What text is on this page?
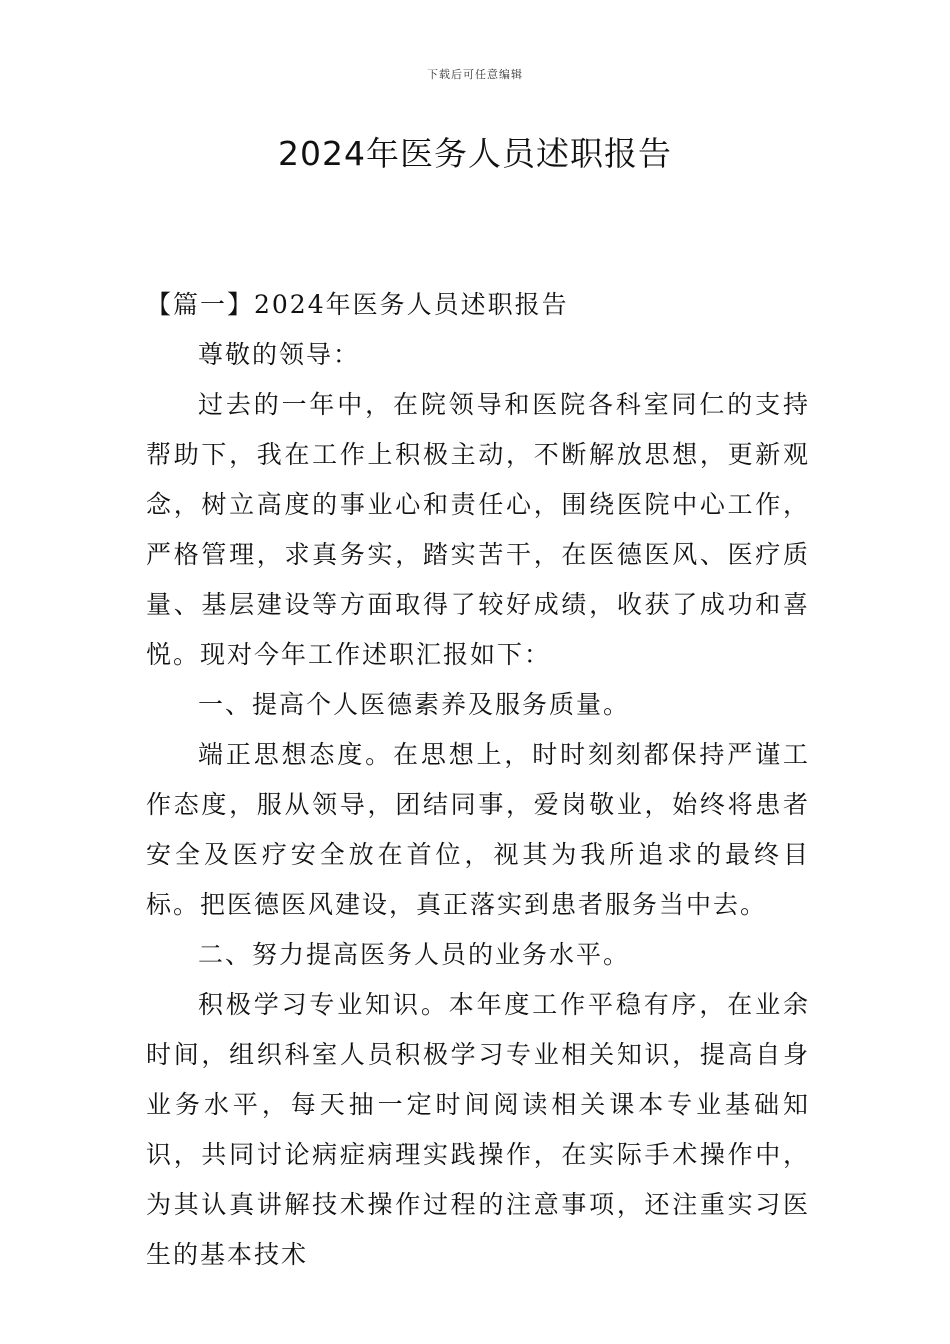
下载后可任意编辑
2024年医务人员述职报告

【篇一】2024年医务人员述职报告

尊敬的领导：

过去的一年中，在院领导和医院各科室同仁的支持帮助下，我在工作上积极主动，不断解放思想，更新观念，树立高度的事业心和责任心，围绕医院中心工作，严格管理，求真务实，踏实苦干，在医德医风、医疗质量、基层建设等方面取得了较好成绩，收获了成功和喜悦。现对今年工作述职汇报如下：

一、提高个人医德素养及服务质量。

端正思想态度。在思想上，时时刻刻都保持严谨工作态度，服从领导，团结同事，爱岗敬业，始终将患者安全及医疗安全放在首位，视其为我所追求的最终目标。把医德医风建设，真正落实到患者服务当中去。

二、努力提高医务人员的业务水平。

积极学习专业知识。本年度工作平稳有序，在业余时间，组织科室人员积极学习专业相关知识，提高自身业务水平，每天抽一定时间阅读相关课本专业基础知识，共同讨论病症病理实践操作，在实际手术操作中，为其认真讲解技术操作过程的注意事项，还注重实习医生的基本技术
